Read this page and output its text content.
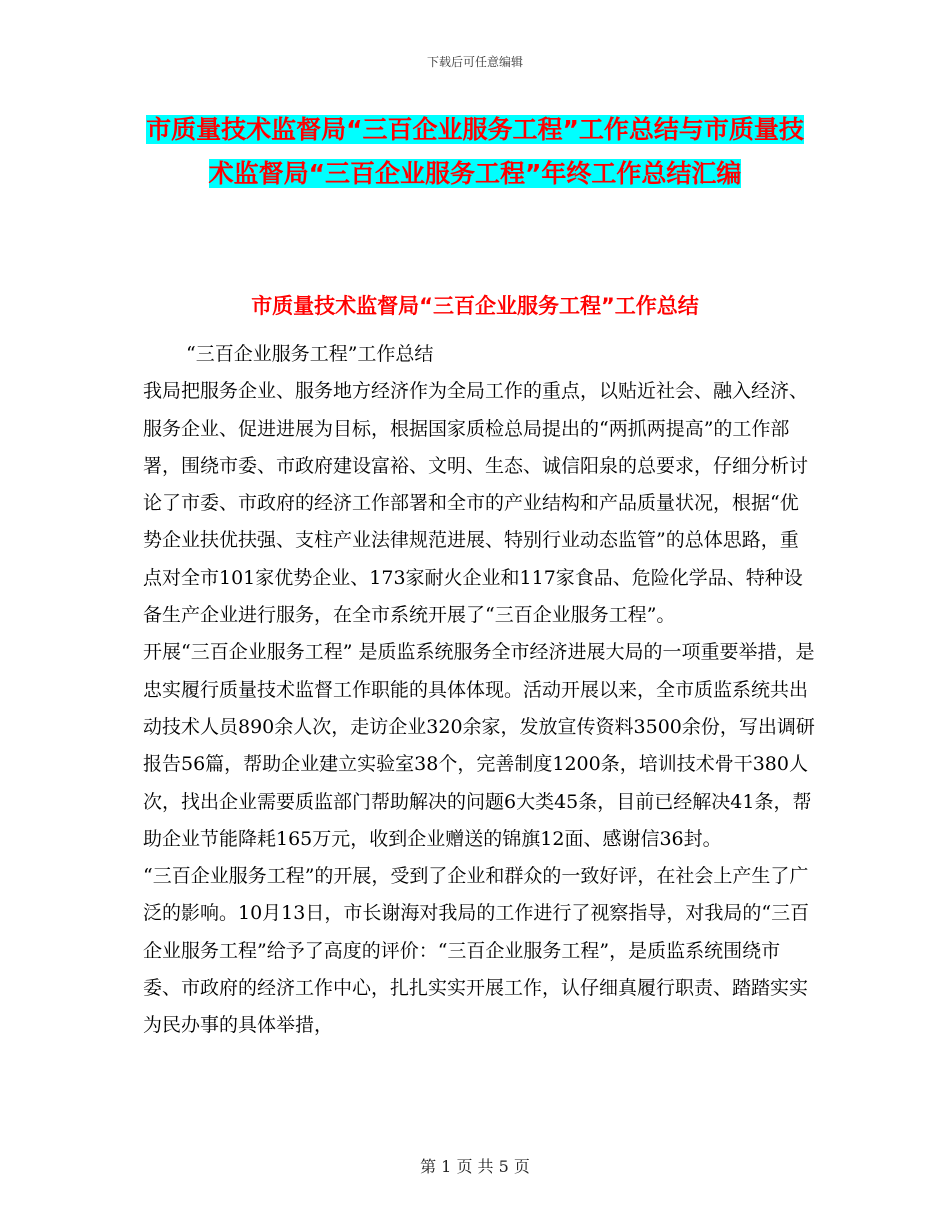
下载后可任意编辑
市质量技术监督局“三百企业服务工程”工作总结与市质量技术监督局“三百企业服务工程”年终工作总结汇编
市质量技术监督局“三百企业服务工程”工作总结

“三百企业服务工程”工作总结

我局把服务企业、服务地方经济作为全局工作的重点，以贴近社会、融入经济、服务企业、促进进展为目标，根据国家质检总局提出的“两抓两提高”的工作部署，围绕市委、市政府建设富裕、文明、生态、诚信阳泉的总要求，仔细分析讨论了市委、市政府的经济工作部署和全市的产业结构和产品质量状况，根据“优势企业扶优扶强、支柱产业法律规范进展、特别行业动态监管”的总体思路，重点对全市101家优势企业、173家耐火企业和117家食品、危险化学品、特种设备生产企业进行服务，在全市系统开展了“三百企业服务工程”。

开展“三百企业服务工程” 是质监系统服务全市经济进展大局的一项重要举措，是忠实履行质量技术监督工作职能的具体体现。活动开展以来，全市质监系统共出动技术人员890余人次，走访企业320余家，发放宣传资料3500余份，写出调研报告56篇，帮助企业建立实验室38个，完善制度1200条，培训技术骨干380人次，找出企业需要质监部门帮助解决的问题6大类45条，目前已经解决41条，帮助企业节能降耗165万元，收到企业赠送的锦旗12面、感谢信36封。

“三百企业服务工程”的开展，受到了企业和群众的一致好评，在社会上产生了广泛的影响。10月13日，市长谢海对我局的工作进行了视察指导，对我局的“三百企业服务工程”给予了高度的评价：“三百企业服务工程”，是质监系统围绕市委、市政府的经济工作中心，扎扎实实开展工作，认仔细真履行职责、踏踏实实为民办事的具体举措，

第 1 页 共 5 页
